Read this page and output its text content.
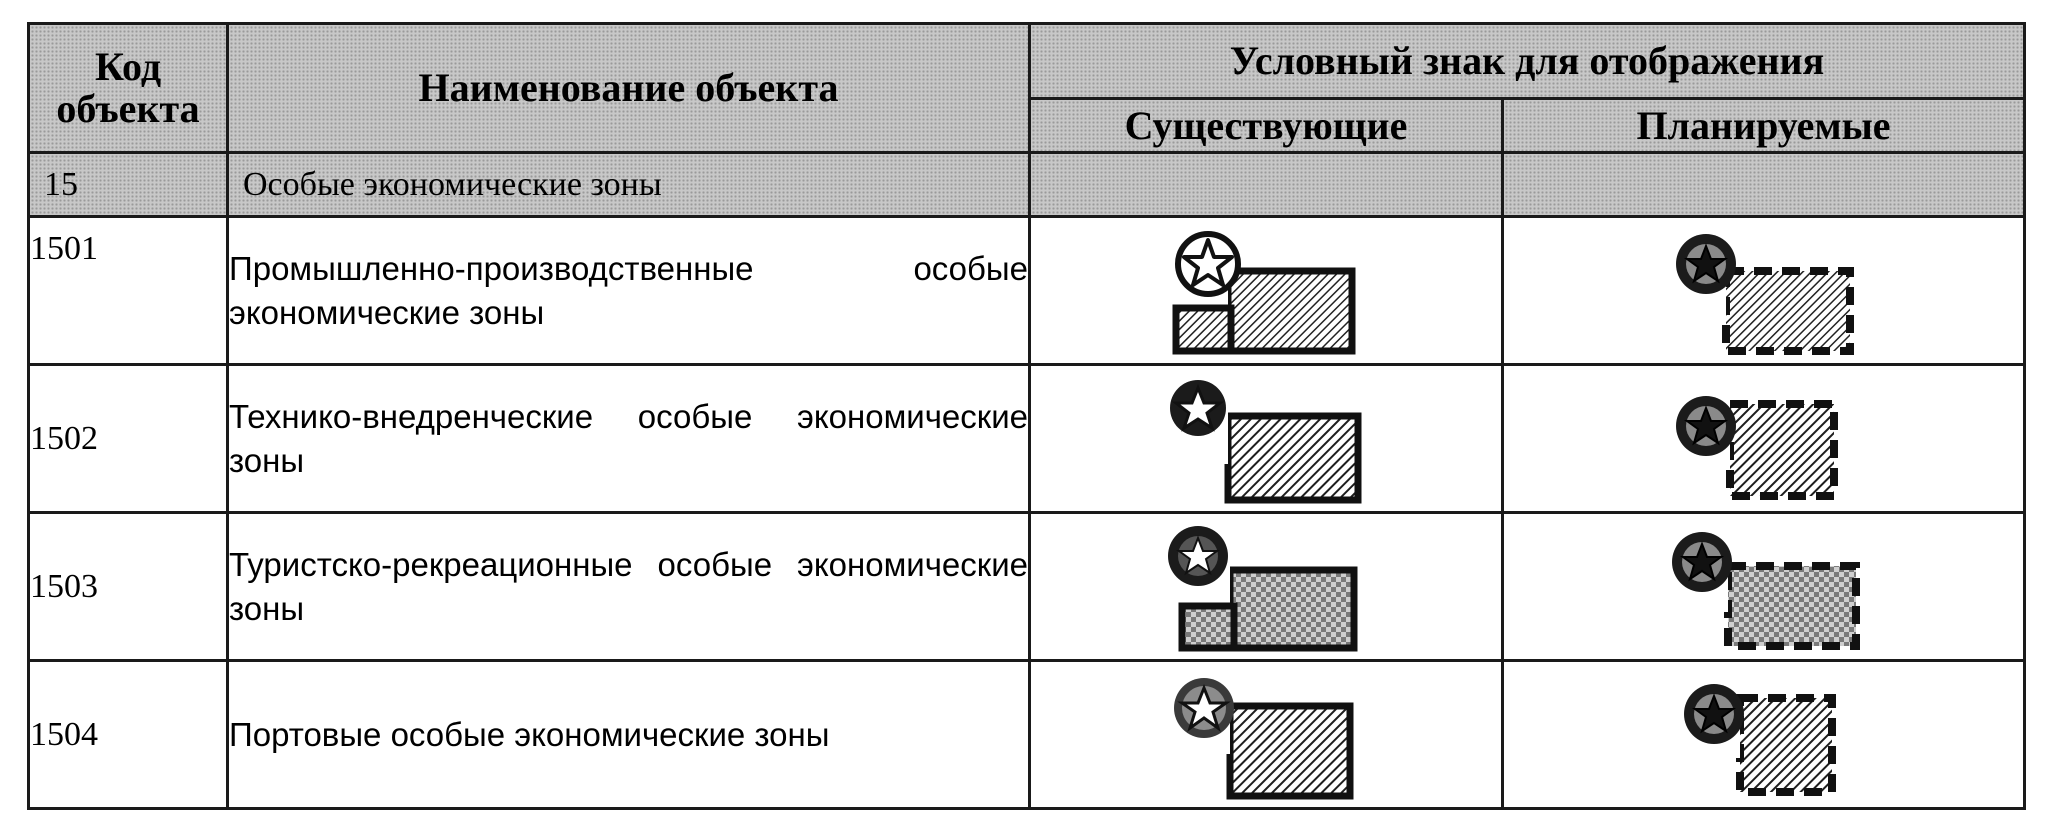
Код объекта	Наименование объекта	Условный знак для отображения	
		Существующие	Планируемые
15	Особые экономические зоны		
1501	Промышленно-производственные особые экономические зоны		
1502	Технико-внедренческие особые экономические зоны		
1503	Туристско-рекреационные особые экономические зоны		
1504	Портовые особые экономические зоны		
